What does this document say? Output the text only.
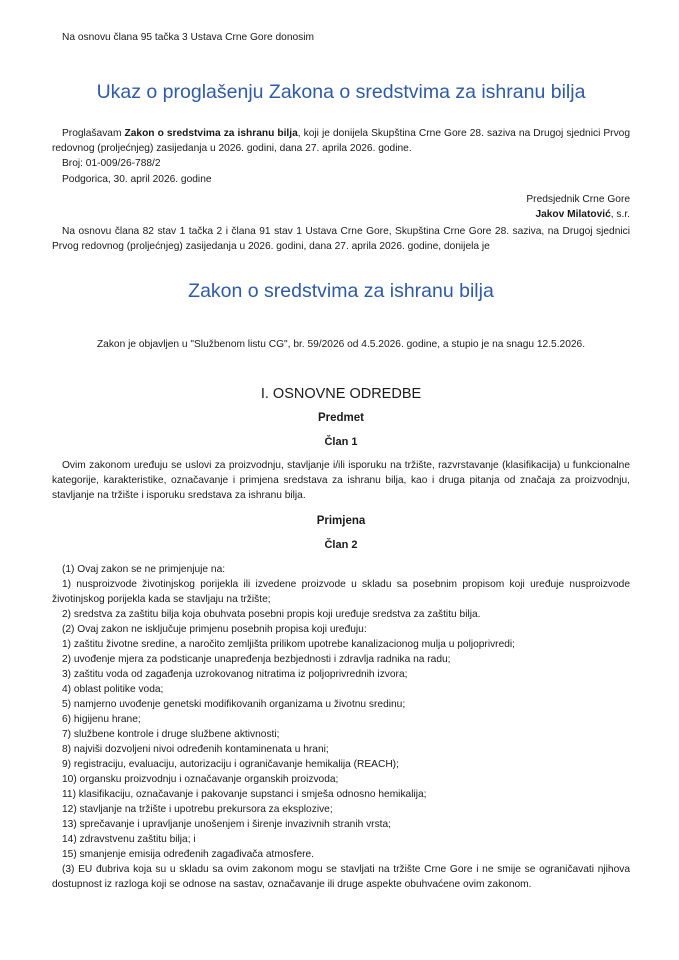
Na osnovu člana 95 tačka 3 Ustava Crne Gore donosim

Ukaz o proglašenju Zakona o sredstvima za ishranu bilja

Proglašavam Zakon o sredstvima za ishranu bilja, koji je donijela Skupština Crne Gore 28. saziva na Drugoj sjednici Prvog redovnog (proljećnjeg) zasijedanja u 2026. godini, dana 27. aprila 2026. godine.

Broj: 01-009/26-788/2

Podgorica, 30. april 2026. godine

Predsjednik Crne Gore

Jakov Milatović, s.r.

Na osnovu člana 82 stav 1 tačka 2 i člana 91 stav 1 Ustava Crne Gore, Skupština Crne Gore 28. saziva, na Drugoj sjednici Prvog redovnog (proljećnjeg) zasijedanja u 2026. godini, dana 27. aprila 2026. godine, donijela je

Zakon o sredstvima za ishranu bilja

Zakon je objavljen u "Službenom listu CG", br. 59/2026 od 4.5.2026. godine, a stupio je na snagu 12.5.2026.

I. OSNOVNE ODREDBE
Predmet
Član 1

Ovim zakonom uređuju se uslovi za proizvodnju, stavljanje i/ili isporuku na tržište, razvrstavanje (klasifikacija) u funkcionalne kategorije, karakteristike, označavanje i primjena sredstava za ishranu bilja, kao i druga pitanja od značaja za proizvodnju, stavljanje na tržište i isporuku sredstava za ishranu bilja.

Primjena
Član 2

(1) Ovaj zakon se ne primjenjuje na:

1) nusproizvode životinjskog porijekla ili izvedene proizvode u skladu sa posebnim propisom koji uređuje nusproizvode životinjskog porijekla kada se stavljaju na tržište;

2) sredstva za zaštitu bilja koja obuhvata posebni propis koji uređuje sredstva za zaštitu bilja.

(2) Ovaj zakon ne isključuje primjenu posebnih propisa koji uređuju:

1) zaštitu životne sredine, a naročito zemljišta prilikom upotrebe kanalizacionog mulja u poljoprivredi;

2) uvođenje mjera za podsticanje unapređenja bezbjednosti i zdravlja radnika na radu;

3) zaštitu voda od zagađenja uzrokovanog nitratima iz poljoprivrednih izvora;

4) oblast politike voda;

5) namjerno uvođenje genetski modifikovanih organizama u životnu sredinu;

6) higijenu hrane;

7) službene kontrole i druge službene aktivnosti;

8) najviši dozvoljeni nivoi određenih kontaminenata u hrani;

9) registraciju, evaluaciju, autorizaciju i ograničavanje hemikalija (REACH);

10) organsku proizvodnju i označavanje organskih proizvoda;

11) klasifikaciju, označavanje i pakovanje supstanci i smješa odnosno hemikalija;

12) stavljanje na tržište i upotrebu prekursora za eksplozive;

13) sprečavanje i upravljanje unošenjem i širenje invazivnih stranih vrsta;

14) zdravstvenu zaštitu bilja; i

15) smanjenje emisija određenih zagađivača atmosfere.

(3) EU đubriva koja su u skladu sa ovim zakonom mogu se stavljati na tržište Crne Gore i ne smije se ograničavati njihova dostupnost iz razloga koji se odnose na sastav, označavanje ili druge aspekte obuhvaćene ovim zakonom.
